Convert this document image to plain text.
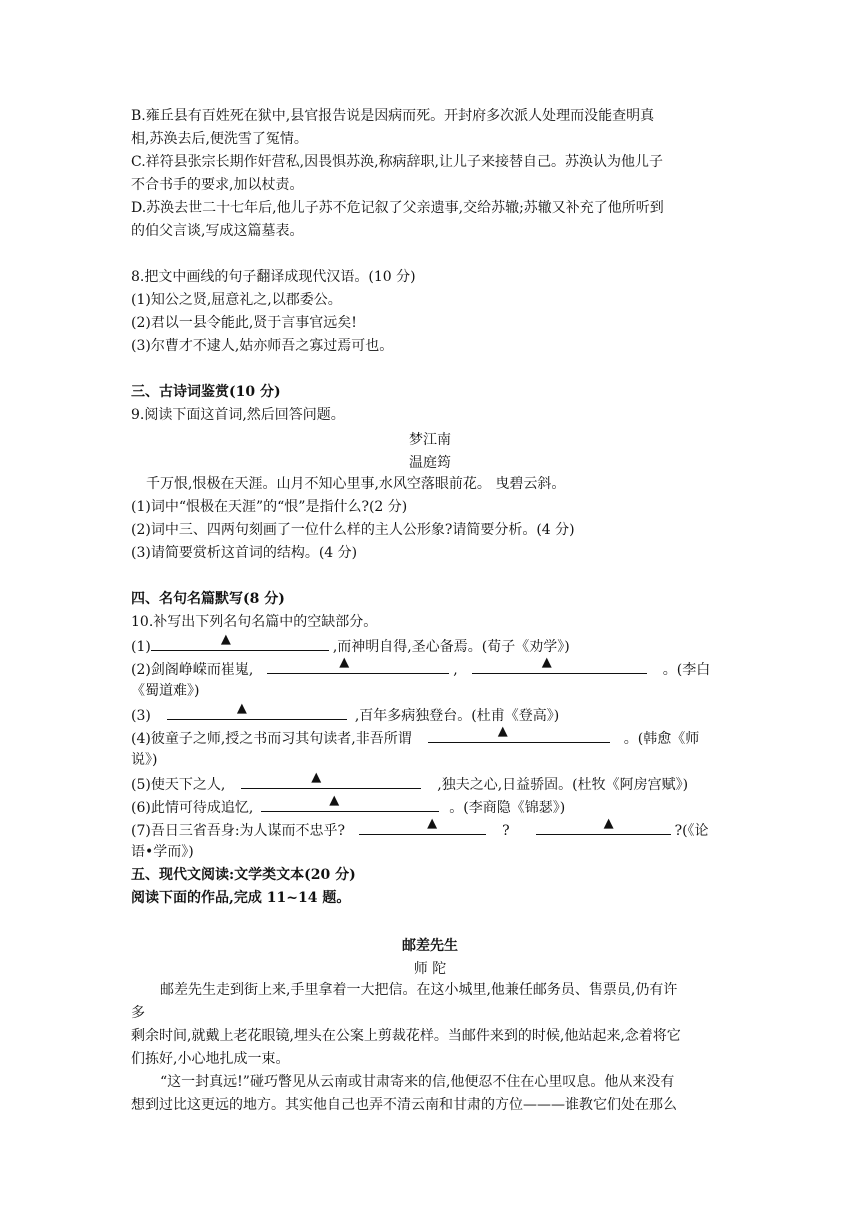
B.雍丘县有百姓死在狱中,县官报告说是因病而死。开封府多次派人处理而没能查明真
相,苏涣去后,便洗雪了冤情。
C.祥符县张宗长期作奸营私,因畏惧苏涣,称病辞职,让儿子来接替自己。苏涣认为他儿子
不合书手的要求,加以杖责。
D.苏涣去世二十七年后,他儿子苏不危记叙了父亲遗事,交给苏辙;苏辙又补充了他所听到
的伯父言谈,写成这篇墓表。
8.把文中画线的句子翻译成现代汉语。(10 分)
(1)知公之贤,屈意礼之,以郡委公。
(2)君以一县令能此,贤于言事官远矣!
(3)尔曹才不逮人,姑亦师吾之寡过焉可也。
三、古诗词鉴赏(10 分)
9.阅读下面这首词,然后回答问题。
梦江南
温庭筠
千万恨,恨极在天涯。山月不知心里事,水风空落眼前花。 曳碧云斜。
(1)词中“恨极在天涯”的“恨”是指什么?(2 分)
(2)词中三、四两句刻画了一位什么样的主人公形象?请简要分析。(4 分)
(3)请简要赏析这首词的结构。(4 分)
四、名句名篇默写(8 分)
10.补写出下列名句名篇中的空缺部分。
(1)	▲	,而神明自得,圣心备焉。(荀子《劝学》)
(2)剑阁峥嵘而崔嵬,	▲	,	▲	。(李白
《蜀道难》)
(3)	▲	,百年多病独登台。(杜甫《登高》)
(4)彼童子之师,授之书而习其句读者,非吾所谓	▲	。(韩愈《师
说》)
(5)使天下之人,	▲	,独夫之心,日益骄固。(杜牧《阿房宫赋》)
(6)此情可待成追忆,	▲	。(李商隐《锦瑟》)
(7)吾日三省吾身:为人谋而不忠乎?	▲	?	▲	?(《论
语•学而》)
五、现代文阅读:文学类文本(20 分)
阅读下面的作品,完成 11~14 题。
邮差先生
师 陀
邮差先生走到街上来,手里拿着一大把信。在这小城里,他兼任邮务员、售票员,仍有许
多
剩余时间,就戴上老花眼镜,埋头在公案上剪裁花样。当邮件来到的时候,他站起来,念着将它
们拣好,小心地扎成一束。
“这一封真远!”碰巧瞥见从云南或甘肃寄来的信,他便忍不住在心里叹息。他从来没有
想到过比这更远的地方。其实他自己也弄不清云南和甘肃的方位———谁教它们处在那么
